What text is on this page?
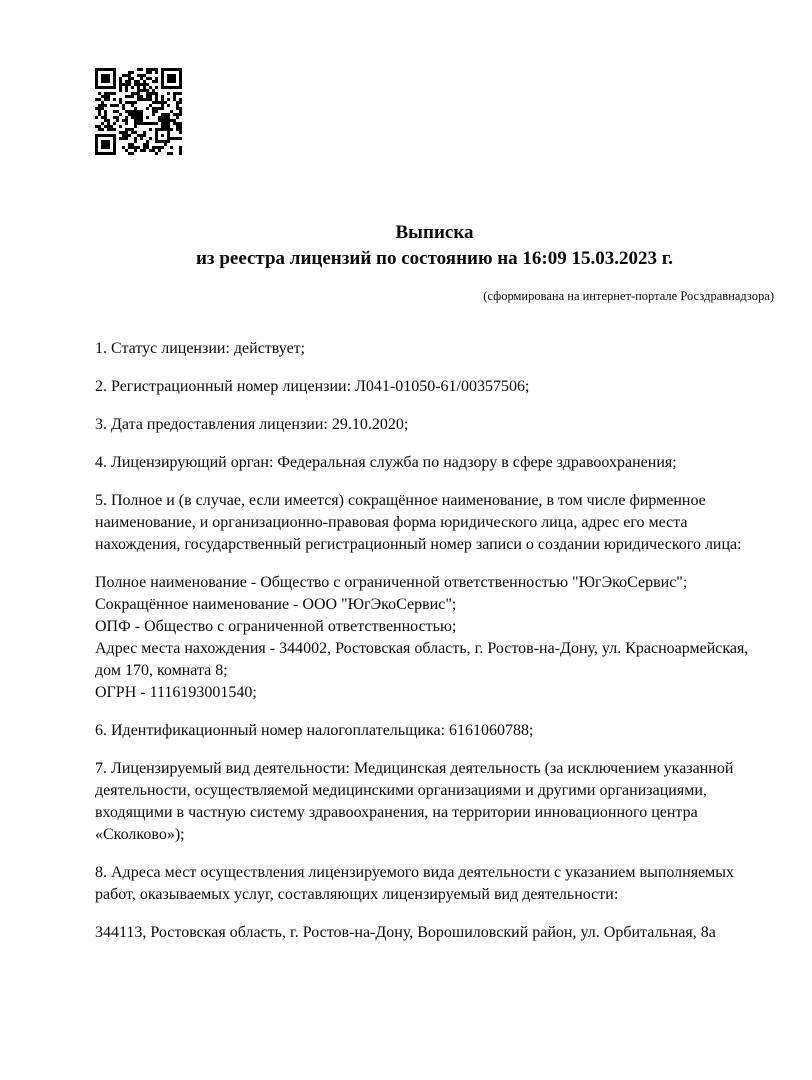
Выписка
из реестра лицензий по состоянию на 16:09 15.03.2023 г.

(сформирована на интернет-портале Росздравнадзора)

1. Статус лицензии: действует;

2. Регистрационный номер лицензии: Л041-01050-61/00357506;

3. Дата предоставления лицензии: 29.10.2020;

4. Лицензирующий орган: Федеральная служба по надзору в сфере здравоохранения;

5. Полное и (в случае, если имеется) сокращённое наименование, в том числе фирменное наименование, и организационно-правовая форма юридического лица, адрес его места нахождения, государственный регистрационный номер записи о создании юридического лица:

Полное наименование - Общество с ограниченной ответственностью "ЮгЭкоСервис";

Сокращённое наименование - ООО "ЮгЭкоСервис";

ОПФ - Общество с ограниченной ответственностью;

Адрес места нахождения - 344002, Ростовская область, г. Ростов-на-Дону, ул. Красноармейская, дом 170, комната 8;

ОГРН - 1116193001540;

6. Идентификационный номер налогоплательщика: 6161060788;

7. Лицензируемый вид деятельности: Медицинская деятельность (за исключением указанной деятельности, осуществляемой медицинскими организациями и другими организациями, входящими в частную систему здравоохранения, на территории инновационного центра «Сколково»);

8. Адреса мест осуществления лицензируемого вида деятельности с указанием выполняемых работ, оказываемых услуг, составляющих лицензируемый вид деятельности:

344113, Ростовская область, г. Ростов-на-Дону, Ворошиловский район, ул. Орбитальная, 8а
